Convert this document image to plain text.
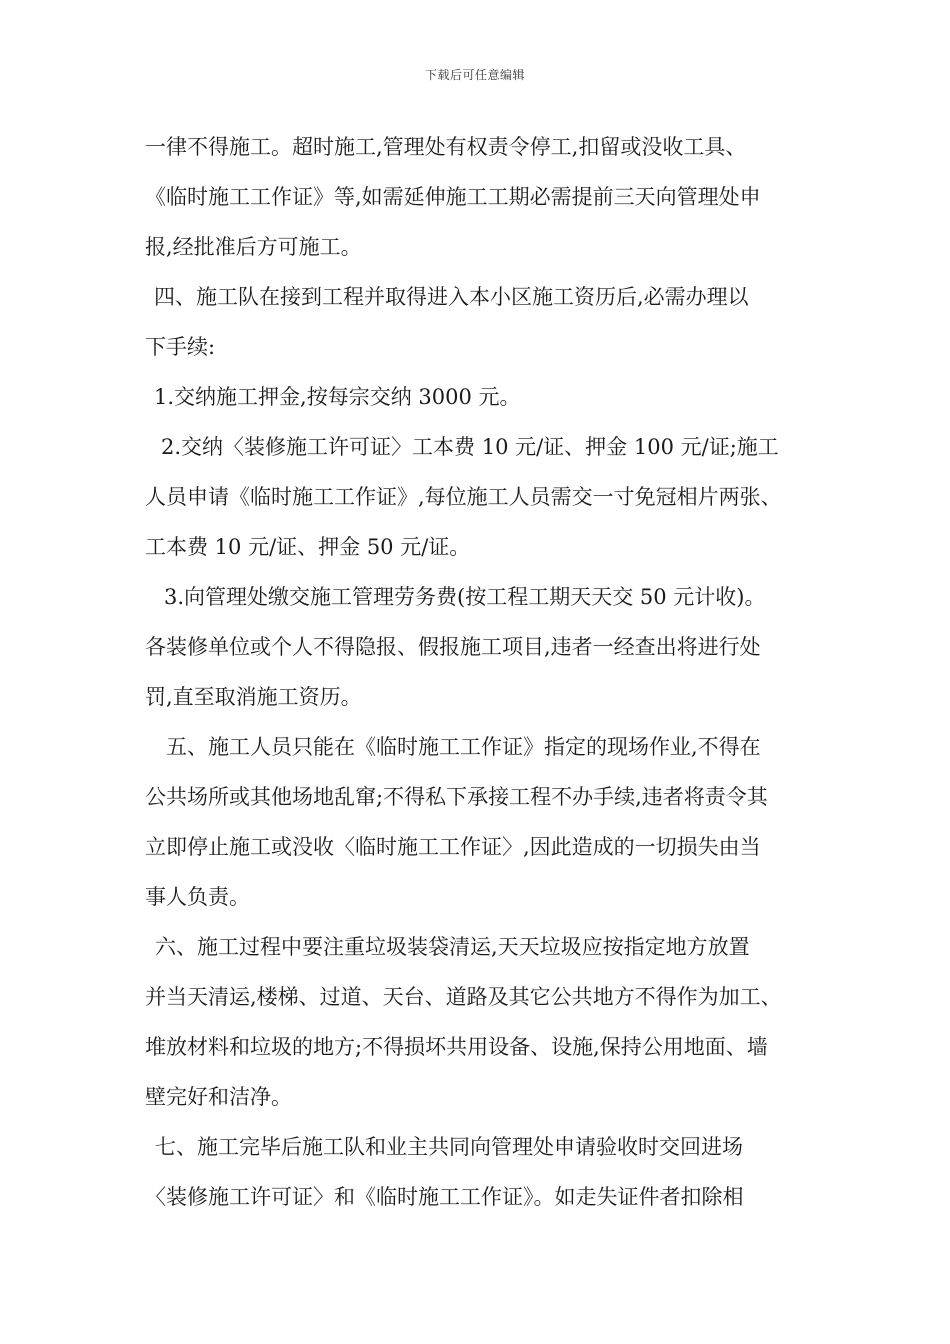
下载后可任意编辑
一律不得施工。超时施工,管理处有权责令停工,扣留或没收工具、
《临时施工工作证》等,如需延伸施工工期必需提前三天向管理处申
报,经批准后方可施工。
四、施工队在接到工程并取得进入本小区施工资历后,必需办理以
下手续:
1.交纳施工押金,按每宗交纳 3000 元。
2.交纳〈装修施工许可证〉工本费 10 元/证、押金 100 元/证;施工
人员申请《临时施工工作证》,每位施工人员需交一寸免冠相片两张、
工本费 10 元/证、押金 50 元/证。
3.向管理处缴交施工管理劳务费(按工程工期天天交 50 元计收)。
各装修单位或个人不得隐报、假报施工项目,违者一经查出将进行处
罚,直至取消施工资历。
五、施工人员只能在《临时施工工作证》指定的现场作业,不得在
公共场所或其他场地乱窜;不得私下承接工程不办手续,违者将责令其
立即停止施工或没收〈临时施工工作证〉,因此造成的一切损失由当
事人负责。
六、施工过程中要注重垃圾装袋清运,天天垃圾应按指定地方放置
并当天清运,楼梯、过道、天台、道路及其它公共地方不得作为加工、
堆放材料和垃圾的地方;不得损坏共用设备、设施,保持公用地面、墙
壁完好和洁净。
七、施工完毕后施工队和业主共同向管理处申请验收时交回进场
〈装修施工许可证〉和《临时施工工作证》。如走失证件者扣除相
